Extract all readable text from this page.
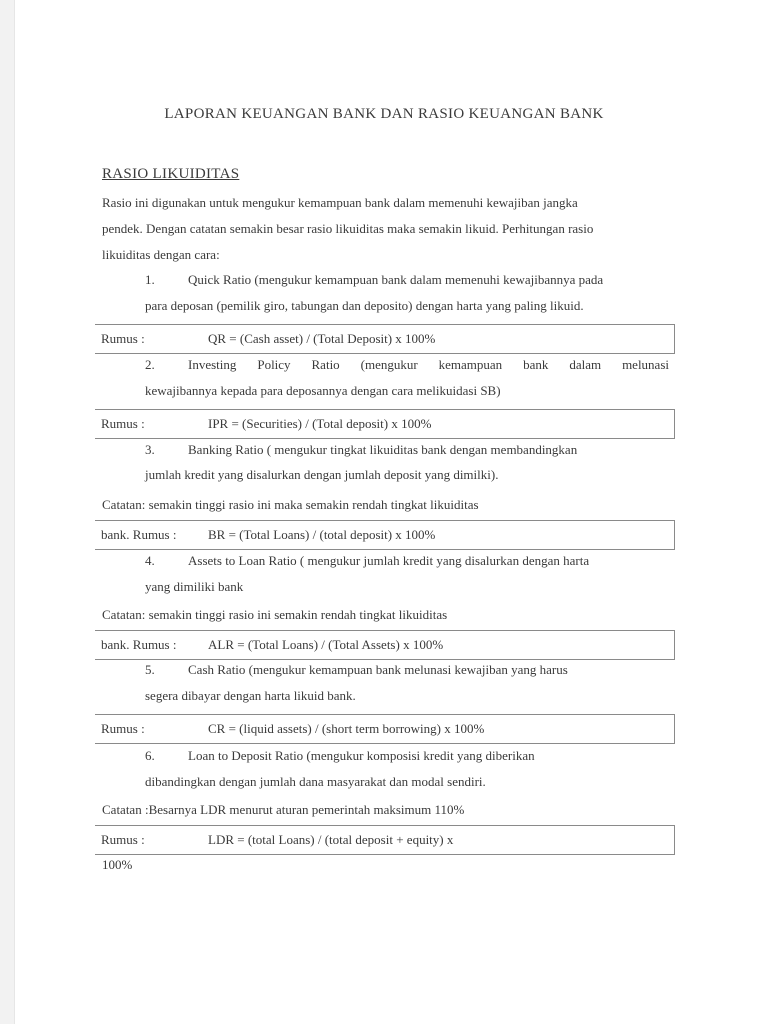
LAPORAN KEUANGAN BANK DAN RASIO KEUANGAN BANK
RASIO LIKUIDITAS
Rasio ini digunakan untuk mengukur kemampuan bank dalam memenuhi kewajiban jangka
pendek. Dengan catatan semakin besar rasio likuiditas maka semakin likuid. Perhitungan rasio
likuiditas dengan cara:
1.	Quick Ratio (mengukur kemampuan bank dalam memenuhi kewajibannya pada
para deposan (pemilik giro, tabungan dan deposito) dengan harta yang paling likuid.
Rumus :	QR = (Cash asset) / (Total Deposit) x 100%
2.	Investing Policy Ratio (mengukur kemampuan bank dalam melunasi
kewajibannya kepada para deposannya dengan cara melikuidasi SB)
Rumus :	IPR = (Securities) / (Total deposit) x 100%
3.	Banking Ratio ( mengukur tingkat likuiditas bank dengan membandingkan
jumlah kredit yang disalurkan dengan jumlah deposit yang dimilki).
Catatan: semakin tinggi rasio ini maka semakin rendah tingkat likuiditas
bank. Rumus : BR = (Total Loans) / (total deposit) x 100%
4.	Assets to Loan Ratio ( mengukur jumlah kredit yang disalurkan dengan harta
yang dimiliki bank
Catatan: semakin tinggi rasio ini semakin rendah tingkat likuiditas
bank. Rumus : ALR = (Total Loans) / (Total Assets) x 100%
5.	Cash Ratio (mengukur kemampuan bank melunasi kewajiban yang harus
segera dibayar dengan harta likuid bank.
Rumus :	CR = (liquid assets) / (short term borrowing) x 100%
6.	Loan to Deposit Ratio (mengukur komposisi kredit yang diberikan
dibandingkan dengan jumlah dana masyarakat dan modal sendiri.
Catatan :Besarnya LDR menurut aturan pemerintah maksimum 110%
Rumus :	LDR = (total Loans) / (total deposit + equity) x
100%
